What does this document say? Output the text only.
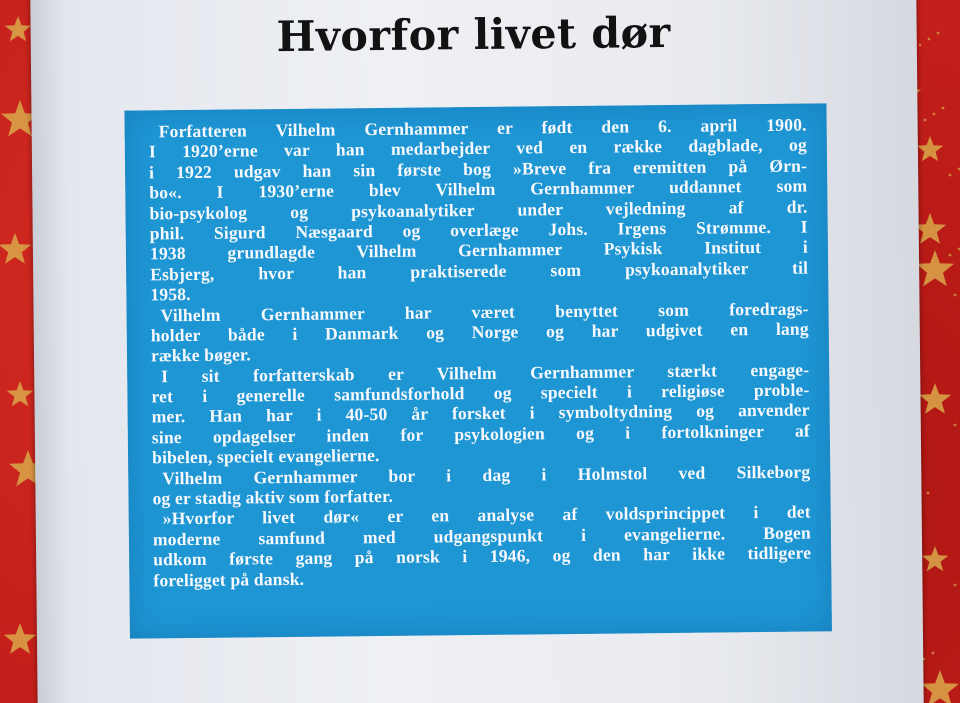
Hvorfor livet dør
Forfatteren Vilhelm Gernhammer er født den 6. april 1900.
I 1920’erne var han medarbejder ved en række dagblade, og
i 1922 udgav han sin første bog »Breve fra eremitten på Ørn-
bo«. I 1930’erne blev Vilhelm Gernhammer uddannet som
bio-psykolog og psykoanalytiker under vejledning af dr.
phil. Sigurd Næsgaard og overlæge Johs. Irgens Strømme. I
1938 grundlagde Vilhelm Gernhammer Psykisk Institut i
Esbjerg, hvor han praktiserede som psykoanalytiker til
1958.
Vilhelm Gernhammer har været benyttet som foredrags-
holder både i Danmark og Norge og har udgivet en lang
række bøger.
I sit forfatterskab er Vilhelm Gernhammer stærkt engage-
ret i generelle samfundsforhold og specielt i religiøse proble-
mer. Han har i 40-50 år forsket i symboltydning og anvender
sine opdagelser inden for psykologien og i fortolkninger af
bibelen, specielt evangelierne.
Vilhelm Gernhammer bor i dag i Holmstol ved Silkeborg
og er stadig aktiv som forfatter.
»Hvorfor livet dør« er en analyse af voldsprincippet i det
moderne samfund med udgangspunkt i evangelierne. Bogen
udkom første gang på norsk i 1946, og den har ikke tidligere
foreligget på dansk.
